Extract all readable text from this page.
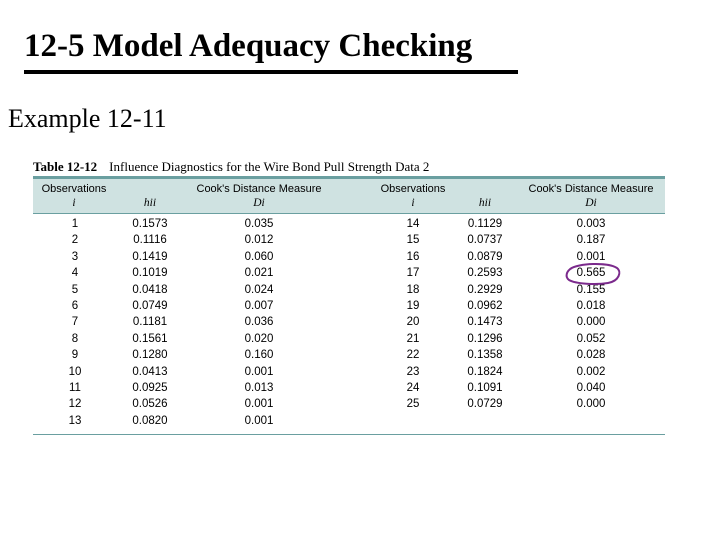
12-5 Model Adequacy Checking
Example 12-11
Table 12-12 Influence Diagnostics for the Wire Bond Pull Strength Data 2
Observations
i
	hii
Cook's Distance Measure
Di
Observations
i
	hii
Cook's Distance Measure
Di
1
2
3
4
5
6
7
8
9
10
11
12
13
0.1573
0.1116
0.1419
0.1019
0.0418
0.0749
0.1181
0.1561
0.1280
0.0413
0.0925
0.0526
0.0820
0.035
0.012
0.060
0.021
0.024
0.007
0.036
0.020
0.160
0.001
0.013
0.001
0.001
14
15
16
17
18
19
20
21
22
23
24
25
0.1129
0.0737
0.0879
0.2593
0.2929
0.0962
0.1473
0.1296
0.1358
0.1824
0.1091
0.0729
0.003
0.187
0.001
0.565
0.155
0.018
0.000
0.052
0.028
0.002
0.040
0.000
